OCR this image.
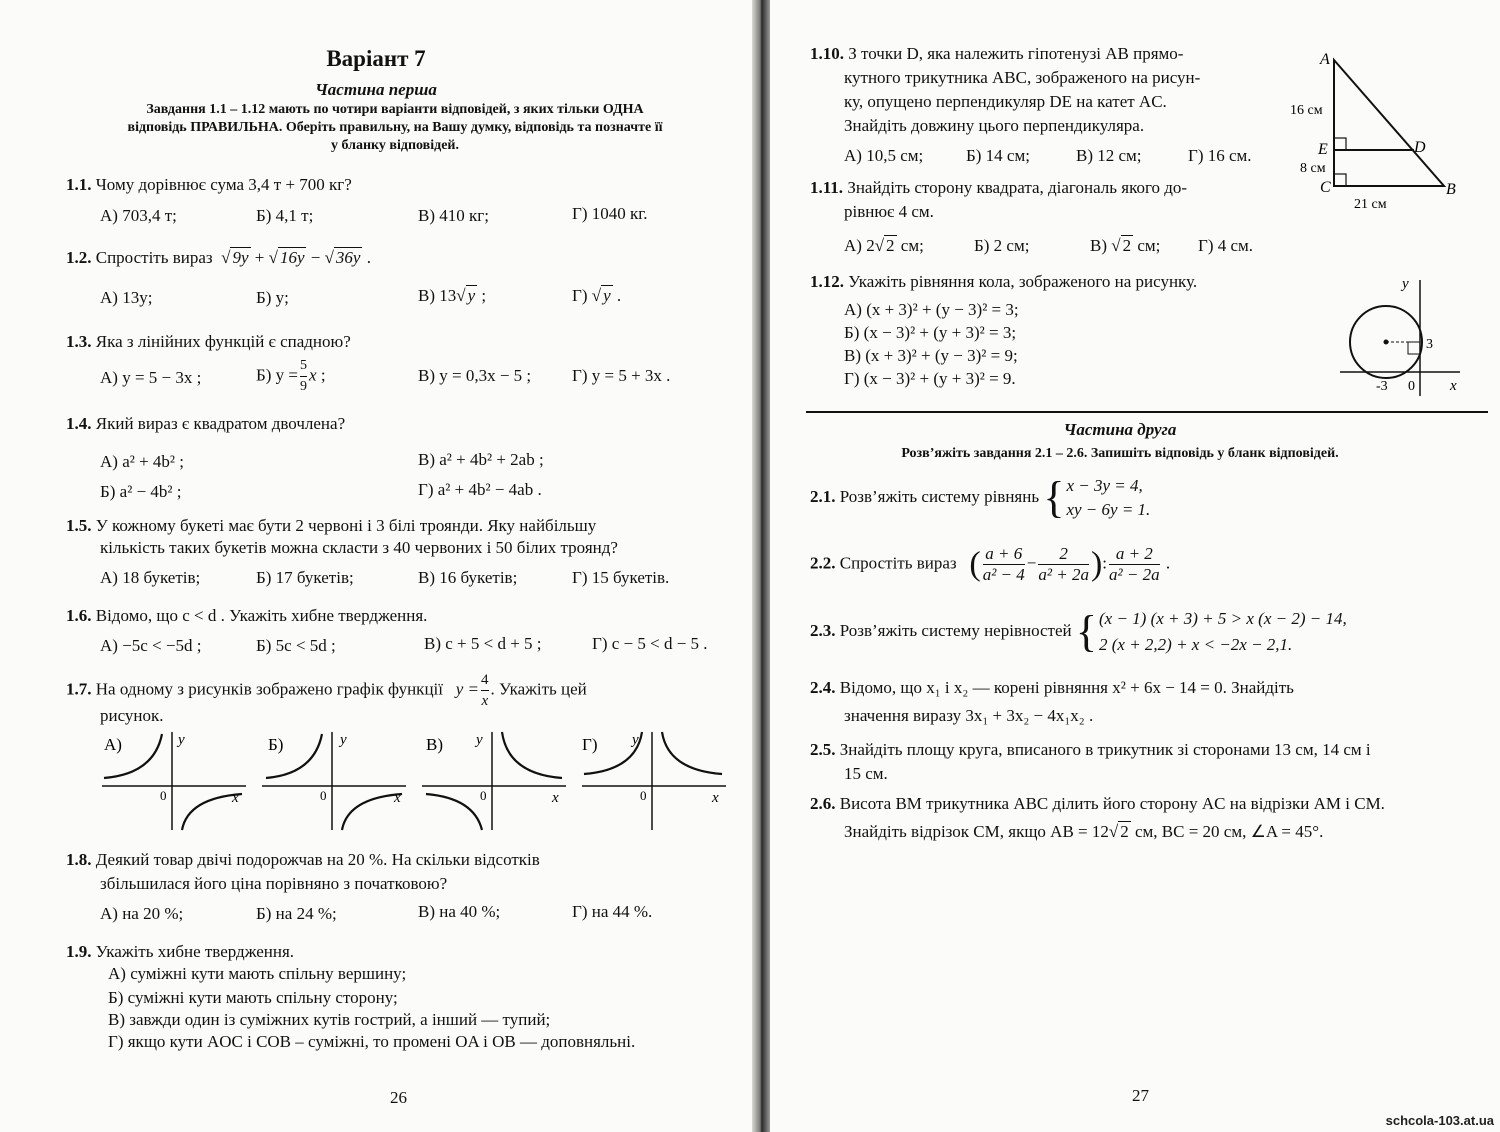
Варіант 7
Частина перша
Завдання 1.1 – 1.12 мають по чотири варіанти відповідей, з яких тільки ОДНА
відповідь ПРАВИЛЬНА. Оберіть правильну, на Вашу думку, відповідь та позначте її
у бланку відповідей.
1.1. Чому дорівнює сума 3,4 т + 700 кг?
А) 703,4 т;	Б) 4,1 т;	В) 410 кг;	Г) 1040 кг.
1.2. Спростіть вираз  √ 9y + √ 16y − √ 36y .
А) 13y;	Б) y;	В) 13√ y ;	Г) √ y .
1.3. Яка з лінійних функцій є спадною?
А) y = 5 − 3x ;	Б) $y = \frac{5}{9}$ x ;	В) y = 0,3x − 5 ; Г) y = 5 + 3x .
1.4. Який вираз є квадратом двочлена?
А) a² + 4b² ;	В) a² + 4b² + 2ab ;
Б) a² − 4b² ;	Г) a² + 4b² − 4ab .
1.5. У кожному букеті має бути 2 червоні і 3 білі троянди. Яку найбільшу
кількість таких букетів можна скласти з 40 червоних і 50 білих троянд?
А) 18 букетів;	Б) 17 букетів;	В) 16 букетів;	Г) 15 букетів.
1.6. Відомо, що c < d . Укажіть хибне твердження.
А) −5c < −5d ;	Б) 5c < 5d ;	В) c + 5 < d + 5 ;	Г) c − 5 < d − 5 .
1.7. На одному з рисунків зображено графік функції $y = \frac{4}{x}$ . Укажіть цей
рисунок.
А)	y
0	x
Б)	y
0	x
В) y
0	x
Г) y
0	x
1.8. Деякий товар двічі подорожчав на 20 %. На скільки відсотків
збільшилася його ціна порівняно з початковою?
А) на 20 %;	Б) на 24 %;	В) на 40 %;	Г) на 44 %.
1.9. Укажіть хибне твердження.
А) суміжні кути мають спільну вершину;
Б) суміжні кути мають спільну сторону;
В) завжди один із суміжних кутів гострий, а інший — тупий;
Г) якщо кути AOC і COB – суміжні, то промені OA і OB — доповняльні.
26
1.10. З точки D, яка належить гіпотенузі AB прямо-
кутного трикутника ABC, зображеного на рисун-
ку, опущено перпендикуляр DE на катет AC.
Знайдіть довжину цього перпендикуляра.
А) 10,5 см;	Б) 14 см;	В) 12 см;	Г) 16 см.
A
E
C
D
B
16 см
8 см
21 см
1.11. Знайдіть сторону квадрата, діагональ якого до-
рівнює 4 см.
А) 2√ 2 см;	Б) 2 см;	В) √ 2 см; Г) 4 см.
1.12. Укажіть рівняння кола, зображеного на рисунку.
А) (x + 3)² + (y − 3)² = 3;
Б) (x − 3)² + (y + 3)² = 3;
В) (x + 3)² + (y − 3)² = 9;
Г) (x − 3)² + (y + 3)² = 9.
y
3
-3 0 x
Частина друга
Розв’яжіть завдання 2.1 – 2.6. Запишіть відповідь у бланк відповідей.
2.1. Розв’яжіть систему рівнянь { x − 3y = 4,
xy − 6y = 1.
2.2. Спростіть вираз ( $\frac{a + 6}{\text{a² − 4}} - \frac{2}{\text{a² + 2a}}$ ): $\frac{a + 2}{\text{a² − 2a}}$ .
2.3. Розв’яжіть систему нерівностей { (x − 1) (x + 3) + 5 > x (x − 2) − 14,
2 (x + 2,2) + x < −2x − 2,1.
2.4. Відомо, що x₁ і x₂ — корені рівняння x² + 6x − 14 = 0. Знайдіть
значення виразу 3x₁ + 3x₂ − 4x₁x₂ .
2.5. Знайдіть площу круга, вписаного в трикутник зі сторонами 13 см, 14 см і
15 см.
2.6. Висота BM трикутника ABC ділить його сторону AC на відрізки AM і CM.
Знайдіть відрізок CM, якщо AB = 12√ 2 см, BC = 20 см, ∠A = 45°.
27
schcola-103.at.ua
